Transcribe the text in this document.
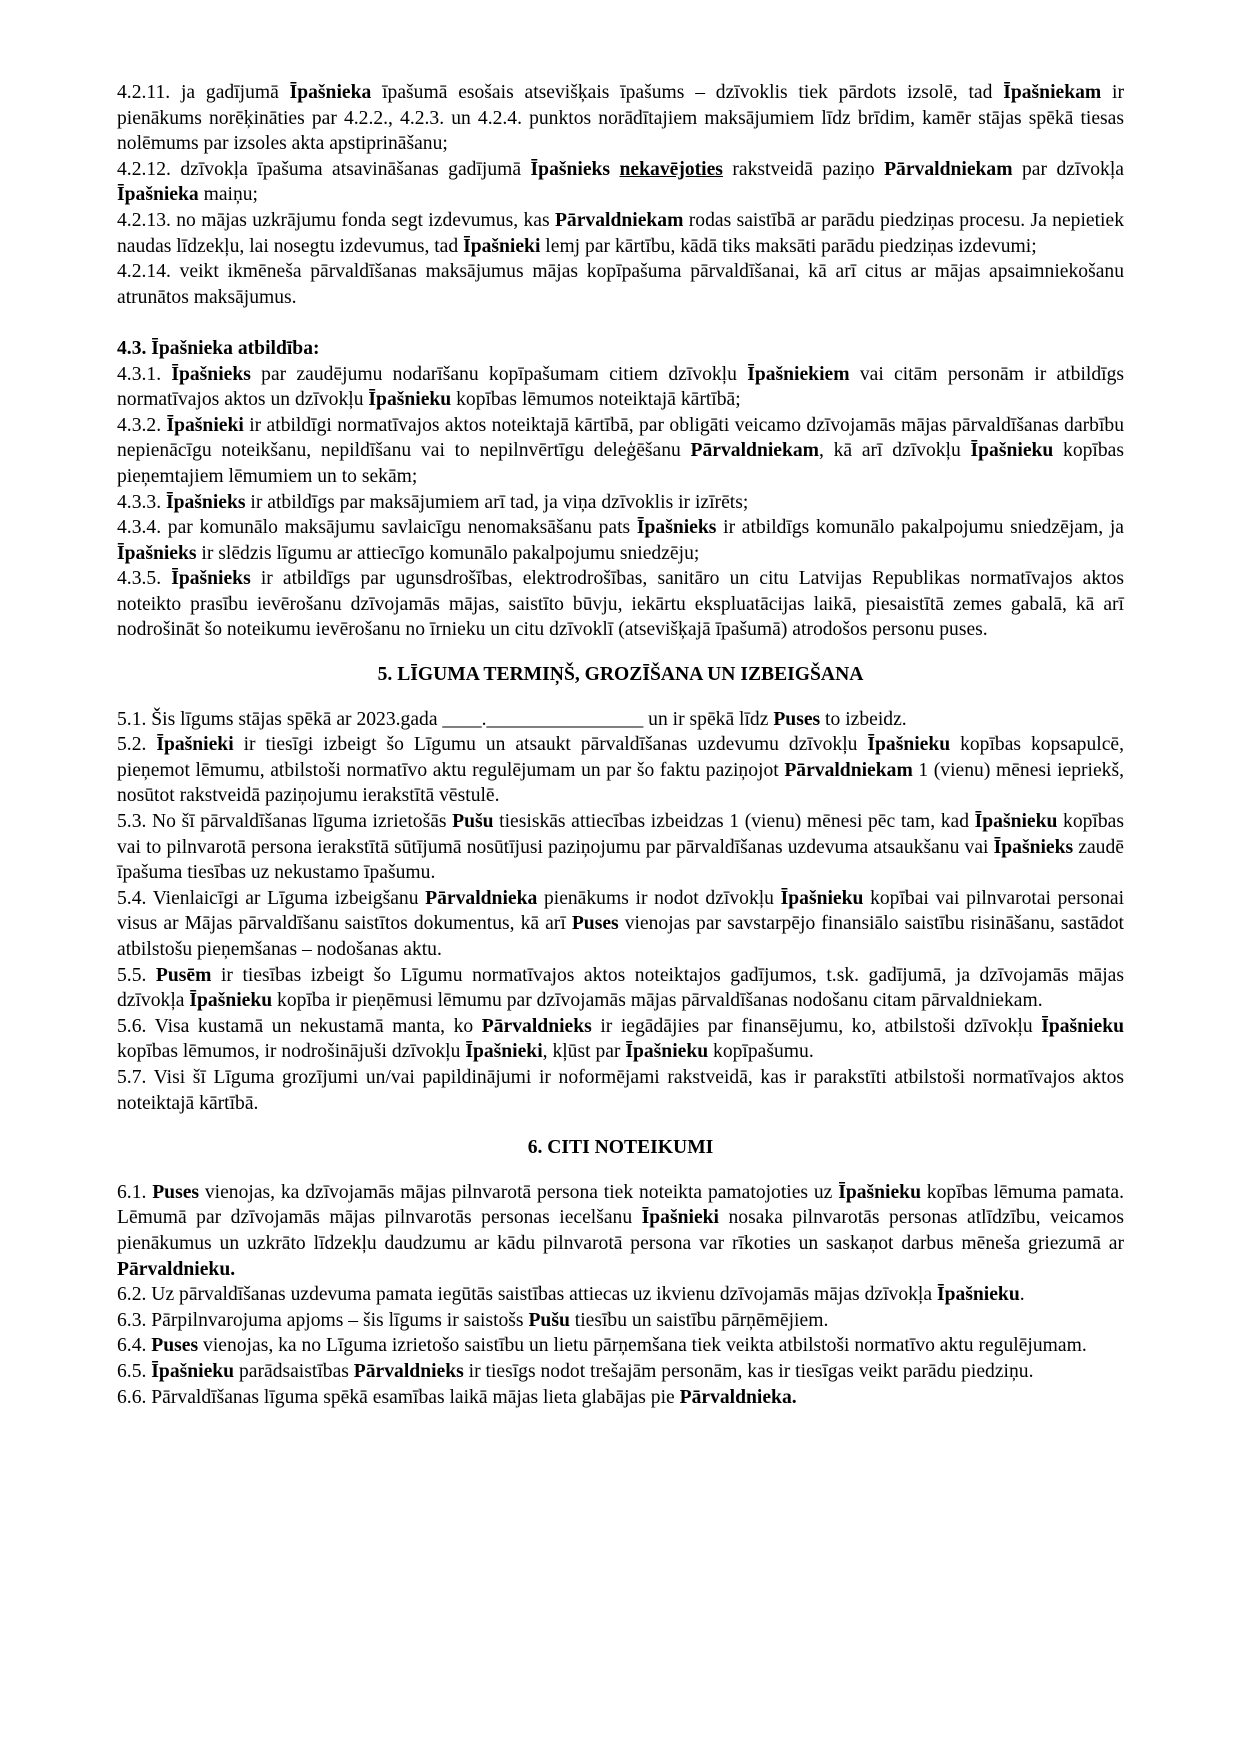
4.2.11. ja gadījumā Īpašnieka īpašumā esošais atsevišķais īpašums – dzīvoklis tiek pārdots izsolē, tad Īpašniekam ir pienākums norēķināties par 4.2.2., 4.2.3. un 4.2.4. punktos norādītajiem maksājumiem līdz brīdim, kamēr stājas spēkā tiesas nolēmums par izsoles akta apstiprināšanu;

4.2.12. dzīvokļa īpašuma atsavināšanas gadījumā Īpašnieks nekavējoties rakstveidā paziņo Pārvaldniekam par dzīvokļa Īpašnieka maiņu;

4.2.13. no mājas uzkrājumu fonda segt izdevumus, kas Pārvaldniekam rodas saistībā ar parādu piedziņas procesu. Ja nepietiek naudas līdzekļu, lai nosegtu izdevumus, tad Īpašnieki lemj par kārtību, kādā tiks maksāti parādu piedziņas izdevumi;

4.2.14. veikt ikmēneša pārvaldīšanas maksājumus mājas kopīpašuma pārvaldīšanai, kā arī citus ar mājas apsaimniekošanu atrunātos maksājumus.

4.3. Īpašnieka atbildība:

4.3.1. Īpašnieks par zaudējumu nodarīšanu kopīpašumam citiem dzīvokļu Īpašniekiem vai citām personām ir atbildīgs normatīvajos aktos un dzīvokļu Īpašnieku kopības lēmumos noteiktajā kārtībā;

4.3.2. Īpašnieki ir atbildīgi normatīvajos aktos noteiktajā kārtībā, par obligāti veicamo dzīvojamās mājas pārvaldīšanas darbību nepienācīgu noteikšanu, nepildīšanu vai to nepilnvērtīgu deleģēšanu Pārvaldniekam, kā arī dzīvokļu Īpašnieku kopības pieņemtajiem lēmumiem un to sekām;

4.3.3. Īpašnieks ir atbildīgs par maksājumiem arī tad, ja viņa dzīvoklis ir izīrēts;

4.3.4. par komunālo maksājumu savlaicīgu nenomaksāšanu pats Īpašnieks ir atbildīgs komunālo pakalpojumu sniedzējam, ja Īpašnieks ir slēdzis līgumu ar attiecīgo komunālo pakalpojumu sniedzēju;

4.3.5. Īpašnieks ir atbildīgs par ugunsdrošības, elektrodrošības, sanitāro un citu Latvijas Republikas normatīvajos aktos noteikto prasību ievērošanu dzīvojamās mājas, saistīto būvju, iekārtu ekspluatācijas laikā, piesaistītā zemes gabalā, kā arī nodrošināt šo noteikumu ievērošanu no īrnieku un citu dzīvoklī (atsevišķajā īpašumā) atrodošos personu puses.

5. LĪGUMA TERMIŅŠ, GROZĪŠANA UN IZBEIGŠANA

5.1. Šis līgums stājas spēkā ar 2023.gada ____.________________ un ir spēkā līdz Puses to izbeidz.

5.2. Īpašnieki ir tiesīgi izbeigt šo Līgumu un atsaukt pārvaldīšanas uzdevumu dzīvokļu Īpašnieku kopības kopsapulcē, pieņemot lēmumu, atbilstoši normatīvo aktu regulējumam un par šo faktu paziņojot Pārvaldniekam 1 (vienu) mēnesi iepriekš, nosūtot rakstveidā paziņojumu ierakstītā vēstulē.

5.3. No šī pārvaldīšanas līguma izrietošās Pušu tiesiskās attiecības izbeidzas 1 (vienu) mēnesi pēc tam, kad Īpašnieku kopības vai to pilnvarotā persona ierakstītā sūtījumā nosūtījusi paziņojumu par pārvaldīšanas uzdevuma atsaukšanu vai Īpašnieks zaudē īpašuma tiesības uz nekustamo īpašumu.

5.4. Vienlaicīgi ar Līguma izbeigšanu Pārvaldnieka pienākums ir nodot dzīvokļu Īpašnieku kopībai vai pilnvarotai personai visus ar Mājas pārvaldīšanu saistītos dokumentus, kā arī Puses vienojas par savstarpējo finansiālo saistību risināšanu, sastādot atbilstošu pieņemšanas – nodošanas aktu.

5.5. Pusēm ir tiesības izbeigt šo Līgumu normatīvajos aktos noteiktajos gadījumos, t.sk. gadījumā, ja dzīvojamās mājas dzīvokļa Īpašnieku kopība ir pieņēmusi lēmumu par dzīvojamās mājas pārvaldīšanas nodošanu citam pārvaldniekam.

5.6. Visa kustamā un nekustamā manta, ko Pārvaldnieks ir iegādājies par finansējumu, ko, atbilstoši dzīvokļu Īpašnieku kopības lēmumos, ir nodrošinājuši dzīvokļu Īpašnieki, kļūst par Īpašnieku kopīpašumu.

5.7. Visi šī Līguma grozījumi un/vai papildinājumi ir noformējami rakstveidā, kas ir parakstīti atbilstoši normatīvajos aktos noteiktajā kārtībā.

6. CITI NOTEIKUMI

6.1. Puses vienojas, ka dzīvojamās mājas pilnvarotā persona tiek noteikta pamatojoties uz Īpašnieku kopības lēmuma pamata. Lēmumā par dzīvojamās mājas pilnvarotās personas iecelšanu Īpašnieki nosaka pilnvarotās personas atlīdzību, veicamos pienākumus un uzkrāto līdzekļu daudzumu ar kādu pilnvarotā persona var rīkoties un saskaņot darbus mēneša griezumā ar Pārvaldnieku.

6.2. Uz pārvaldīšanas uzdevuma pamata iegūtās saistības attiecas uz ikvienu dzīvojamās mājas dzīvokļa Īpašnieku.

6.3. Pārpilnvarojuma apjoms – šis līgums ir saistošs Pušu tiesību un saistību pārņēmējiem.

6.4. Puses vienojas, ka no Līguma izrietošo saistību un lietu pārņemšana tiek veikta atbilstoši normatīvo aktu regulējumam.

6.5. Īpašnieku parādsaistības Pārvaldnieks ir tiesīgs nodot trešajām personām, kas ir tiesīgas veikt parādu piedziņu.

6.6. Pārvaldīšanas līguma spēkā esamības laikā mājas lieta glabājas pie Pārvaldnieka.
